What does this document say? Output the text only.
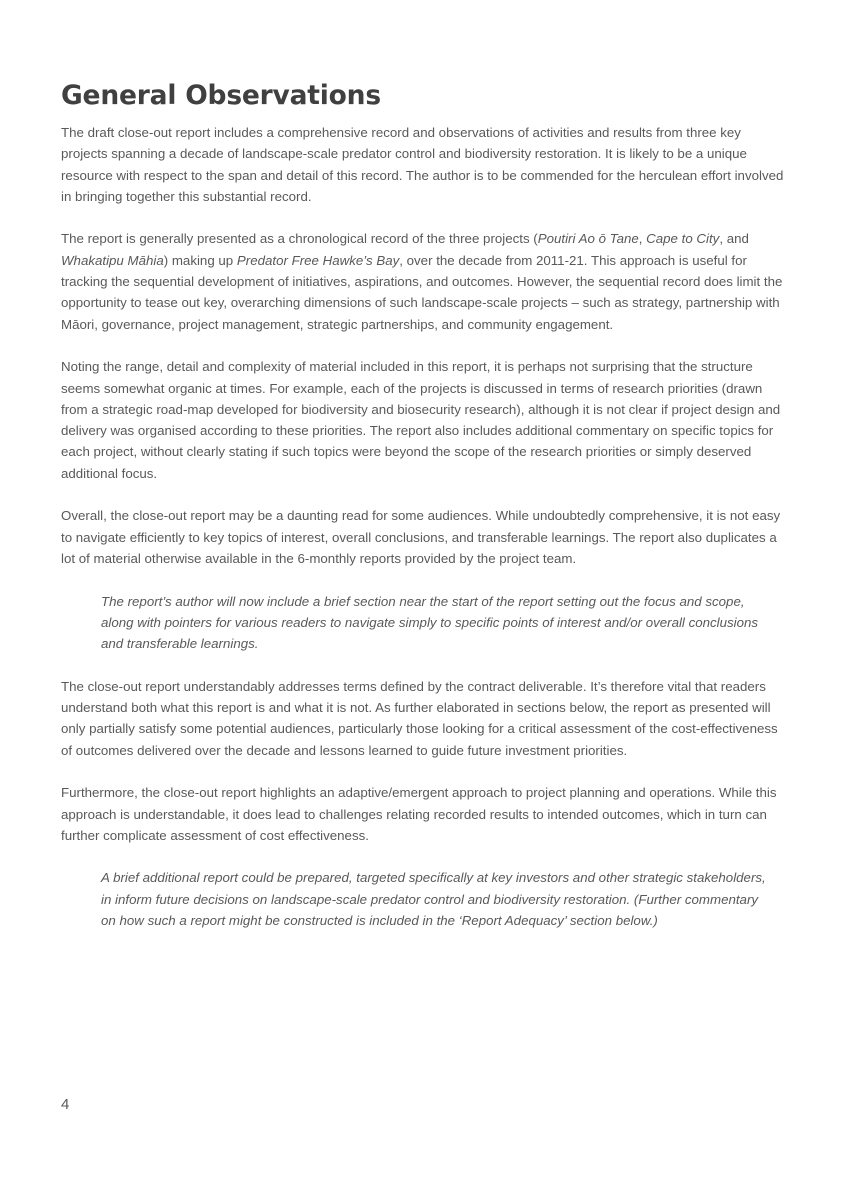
General Observations

The draft close-out report includes a comprehensive record and observations of activities and results from three key projects spanning a decade of landscape-scale predator control and biodiversity restoration. It is likely to be a unique resource with respect to the span and detail of this record. The author is to be commended for the herculean effort involved in bringing together this substantial record.

The report is generally presented as a chronological record of the three projects (Poutiri Ao ō Tane, Cape to City, and Whakatipu Māhia) making up Predator Free Hawke’s Bay, over the decade from 2011-21. This approach is useful for tracking the sequential development of initiatives, aspirations, and outcomes. However, the sequential record does limit the opportunity to tease out key, overarching dimensions of such landscape-scale projects – such as strategy, partnership with Māori, governance, project management, strategic partnerships, and community engagement.

Noting the range, detail and complexity of material included in this report, it is perhaps not surprising that the structure seems somewhat organic at times. For example, each of the projects is discussed in terms of research priorities (drawn from a strategic road-map developed for biodiversity and biosecurity research), although it is not clear if project design and delivery was organised according to these priorities. The report also includes additional commentary on specific topics for each project, without clearly stating if such topics were beyond the scope of the research priorities or simply deserved additional focus.

Overall, the close-out report may be a daunting read for some audiences. While undoubtedly comprehensive, it is not easy to navigate efficiently to key topics of interest, overall conclusions, and transferable learnings. The report also duplicates a lot of material otherwise available in the 6-monthly reports provided by the project team.

The report’s author will now include a brief section near the start of the report setting out the focus and scope, along with pointers for various readers to navigate simply to specific points of interest and/or overall conclusions and transferable learnings.

The close-out report understandably addresses terms defined by the contract deliverable. It’s therefore vital that readers understand both what this report is and what it is not. As further elaborated in sections below, the report as presented will only partially satisfy some potential audiences, particularly those looking for a critical assessment of the cost-effectiveness of outcomes delivered over the decade and lessons learned to guide future investment priorities.

Furthermore, the close-out report highlights an adaptive/emergent approach to project planning and operations. While this approach is understandable, it does lead to challenges relating recorded results to intended outcomes, which in turn can further complicate assessment of cost effectiveness.

A brief additional report could be prepared, targeted specifically at key investors and other strategic stakeholders, in inform future decisions on landscape-scale predator control and biodiversity restoration. (Further commentary on how such a report might be constructed is included in the ‘Report Adequacy’ section below.)

4
